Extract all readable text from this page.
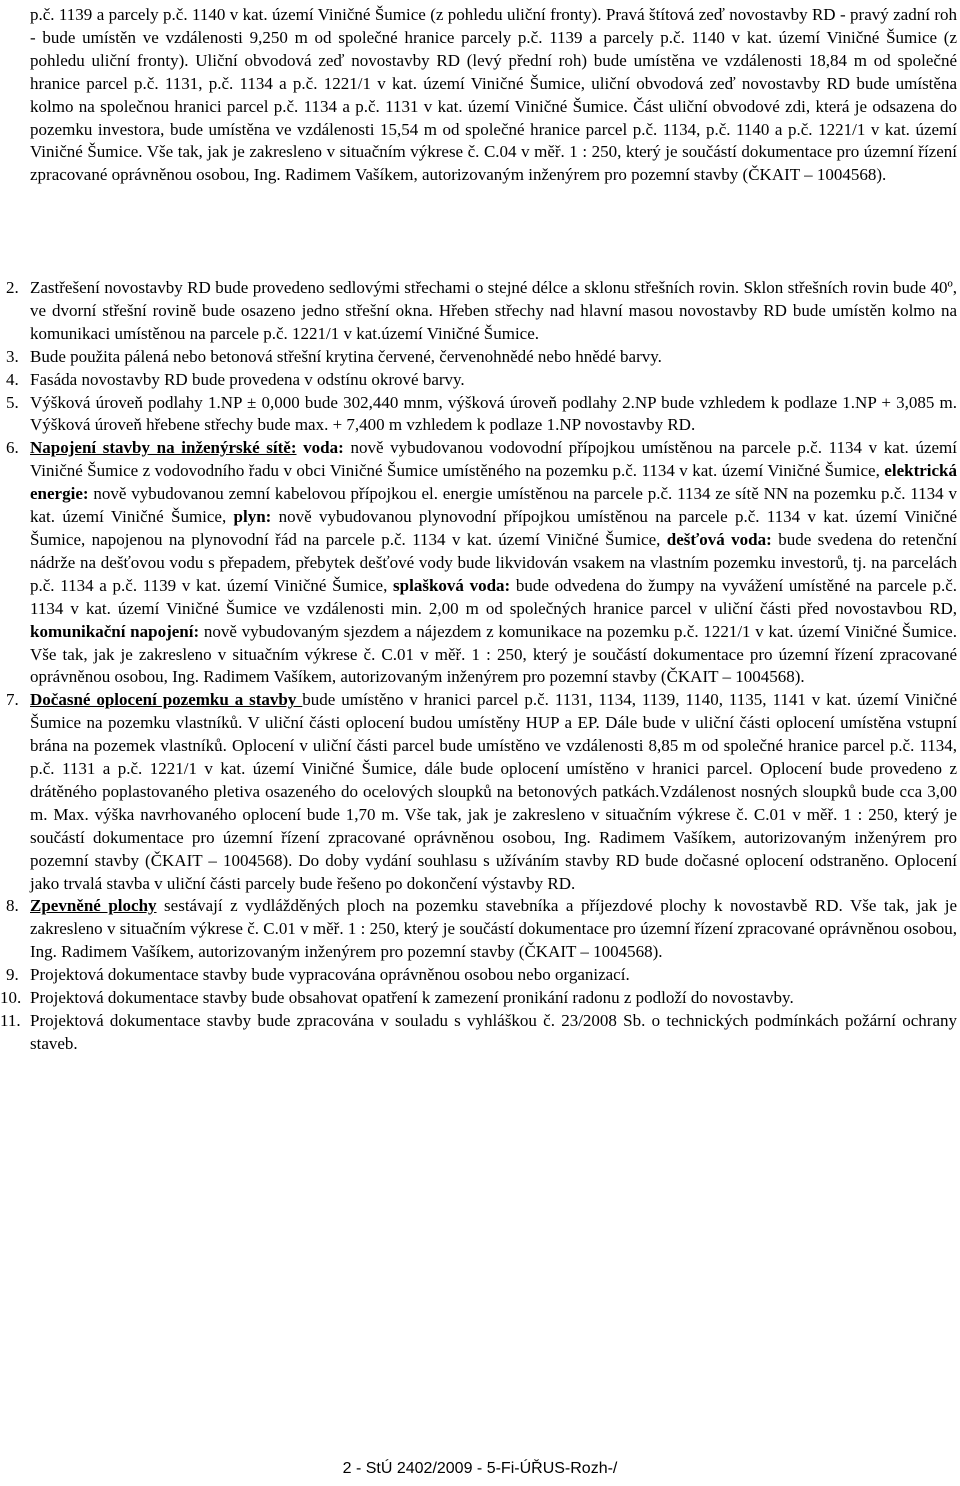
p.č. 1139 a parcely p.č. 1140 v kat. území Viničné Šumice (z pohledu uliční fronty). Pravá štítová zeď novostavby RD - pravý zadní roh - bude umístěn ve vzdálenosti 9,250 m od společné hranice parcely p.č. 1139 a parcely p.č. 1140 v kat. území Viničné Šumice (z pohledu uliční fronty). Uliční obvodová zeď novostavby RD (levý přední roh) bude umístěna ve vzdálenosti 18,84 m od společné hranice parcel p.č. 1131, p.č. 1134 a p.č. 1221/1 v kat. území Viničné Šumice, uliční obvodová zeď novostavby RD bude umístěna kolmo na společnou hranici parcel p.č. 1134 a p.č. 1131 v kat. území Viničné Šumice. Část uliční obvodové zdi, která je odsazena do pozemku investora, bude umístěna ve vzdálenosti 15,54 m od společné hranice parcel p.č. 1134, p.č. 1140 a p.č. 1221/1 v kat. území Viničné Šumice. Vše tak, jak je zakresleno v situačním výkrese č. C.04 v měř. 1 : 250, který je součástí dokumentace pro územní řízení zpracované oprávněnou osobou, Ing. Radimem Vašíkem, autorizovaným inženýrem pro pozemní stavby (ČKAIT – 1004568).
2. Zastřešení novostavby RD bude provedeno sedlovými střechami o stejné délce a sklonu střešních rovin. Sklon střešních rovin bude 40º, ve dvorní střešní rovině bude osazeno jedno střešní okna. Hřeben střechy nad hlavní masou novostavby RD bude umístěn kolmo na komunikaci umístěnou na parcele p.č. 1221/1 v kat.území Viničné Šumice.
3. Bude použita pálená nebo betonová střešní krytina červené, červenohnědé nebo hnědé barvy.
4. Fasáda novostavby RD bude provedena v odstínu okrové barvy.
5. Výšková úroveň podlahy 1.NP ± 0,000 bude 302,440 mnm, výšková úroveň podlahy 2.NP bude vzhledem k podlaze 1.NP + 3,085 m. Výšková úroveň hřebene střechy bude max. + 7,400 m vzhledem k podlaze 1.NP novostavby RD.
6. Napojení stavby na inženýrské sítě: voda: nově vybudovanou vodovodní přípojkou umístěnou na parcele p.č. 1134 v kat. území Viničné Šumice z vodovodního řadu v obci Viničné Šumice umístěného na pozemku p.č. 1134 v kat. území Viničné Šumice, elektrická energie: nově vybudovanou zemní kabelovou přípojkou el. energie umístěnou na parcele p.č. 1134 ze sítě NN na pozemku p.č. 1134 v kat. území Viničné Šumice, plyn: nově vybudovanou plynovodní přípojkou umístěnou na parcele p.č. 1134 v kat. území Viničné Šumice, napojenou na plynovodní řád na parcele p.č. 1134 v kat. území Viničné Šumice, dešťová voda: bude svedena do retenční nádrže na dešťovou vodu s přepadem, přebytek dešťové vody bude likvidován vsakem na vlastním pozemku investorů, tj. na parcelách p.č. 1134 a p.č. 1139 v kat. území Viničné Šumice, splašková voda: bude odvedena do žumpy na vyvážení umístěné na parcele p.č. 1134 v kat. území Viničné Šumice ve vzdálenosti min. 2,00 m od společných hranice parcel v uliční části před novostavbou RD, komunikační napojení: nově vybudovaným sjezdem a nájezdem z komunikace na pozemku p.č. 1221/1 v kat. území Viničné Šumice. Vše tak, jak je zakresleno v situačním výkrese č. C.01 v měř. 1 : 250, který je součástí dokumentace pro územní řízení zpracované oprávněnou osobou, Ing. Radimem Vašíkem, autorizovaným inženýrem pro pozemní stavby (ČKAIT – 1004568).
7. Dočasné oplocení pozemku a stavby bude umístěno v hranici parcel p.č. 1131, 1134, 1139, 1140, 1135, 1141 v kat. území Viničné Šumice na pozemku vlastníků. V uliční části oplocení budou umístěny HUP a EP. Dále bude v uliční části oplocení umístěna vstupní brána na pozemek vlastníků. Oplocení v uliční části parcel bude umístěno ve vzdálenosti 8,85 m od společné hranice parcel p.č. 1134, p.č. 1131 a p.č. 1221/1 v kat. území Viničné Šumice, dále bude oplocení umístěno v hranici parcel. Oplocení bude provedeno z drátěného poplastovaného pletiva osazeného do ocelových sloupků na betonových patkách.Vzdálenost nosných sloupků bude cca 3,00 m. Max. výška navrhovaného oplocení bude 1,70 m. Vše tak, jak je zakresleno v situačním výkrese č. C.01 v měř. 1 : 250, který je součástí dokumentace pro územní řízení zpracované oprávněnou osobou, Ing. Radimem Vašíkem, autorizovaným inženýrem pro pozemní stavby (ČKAIT – 1004568). Do doby vydání souhlasu s užíváním stavby RD bude dočasné oplocení odstraněno. Oplocení jako trvalá stavba v uliční části parcely bude řešeno po dokončení výstavby RD.
8. Zpevněné plochy sestávají z vydlážděných ploch na pozemku stavebníka a příjezdové plochy k novostavbě RD. Vše tak, jak je zakresleno v situačním výkrese č. C.01 v měř. 1 : 250, který je součástí dokumentace pro územní řízení zpracované oprávněnou osobou, Ing. Radimem Vašíkem, autorizovaným inženýrem pro pozemní stavby (ČKAIT – 1004568).
9. Projektová dokumentace stavby bude vypracována oprávněnou osobou nebo organizací.
10. Projektová dokumentace stavby bude obsahovat opatření k zamezení pronikání radonu z podloží do novostavby.
11. Projektová dokumentace stavby bude zpracována v souladu s vyhláškou č. 23/2008 Sb. o technických podmínkách požární ochrany staveb.
2 - StÚ 2402/2009 - 5-Fi-ÚŘUS-Rozh-/
